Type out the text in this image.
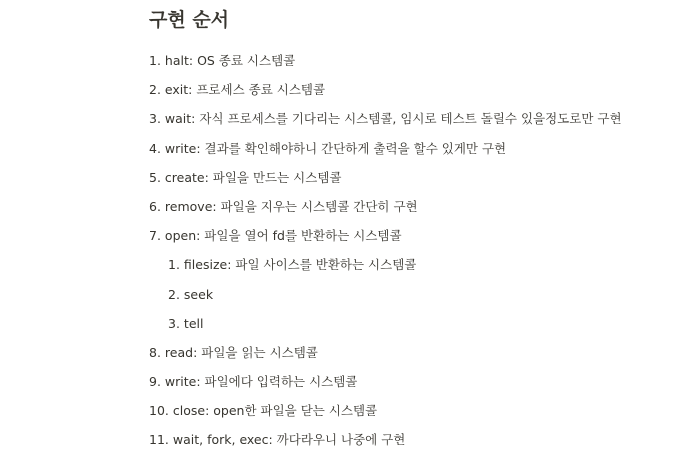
구현 순서
1. halt: OS 종료 시스템콜
2. exit: 프로세스 종료 시스템콜
3. wait: 자식 프로세스를 기다리는 시스템콜, 임시로 테스트 돌릴수 있을정도로만 구현
4. write: 결과를 확인해야하니 간단하게 출력을 할수 있게만 구현
5. create: 파일을 만드는 시스템콜
6. remove: 파일을 지우는 시스템콜 간단히 구현
7. open: 파일을 열어 fd를 반환하는 시스템콜
1. filesize: 파일 사이스를 반환하는 시스템콜
2. seek
3. tell
8. read: 파일을 읽는 시스템콜
9. write: 파일에다 입력하는 시스템콜
10. close: open한 파일을 닫는 시스템콜
11. wait, fork, exec: 까다라우니 나중에 구현
